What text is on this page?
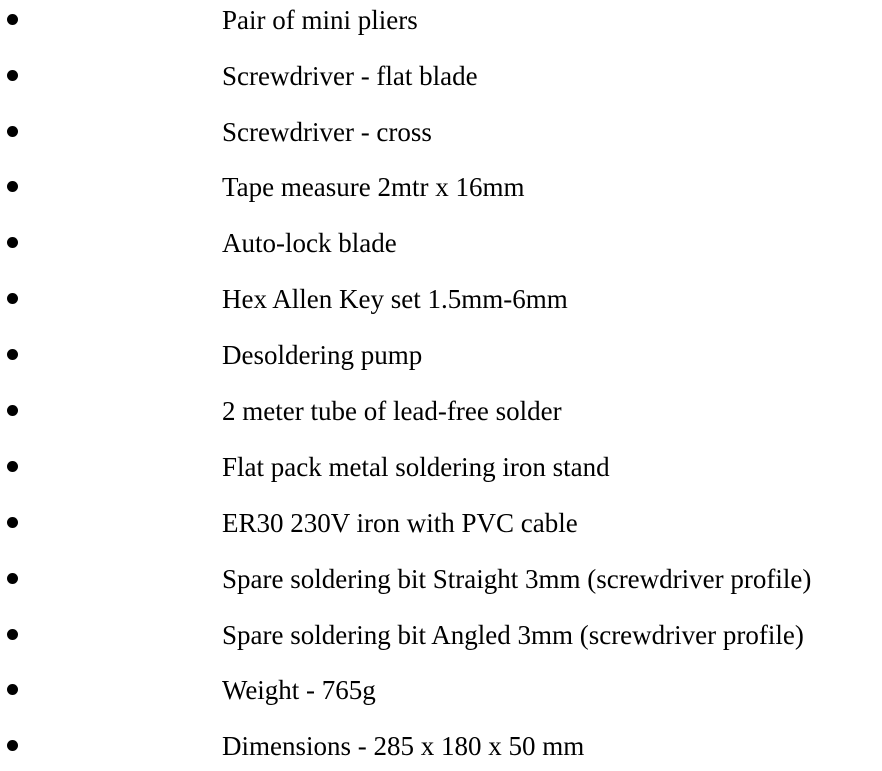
Pair of mini pliers
Screwdriver - flat blade
Screwdriver - cross
Tape measure 2mtr x 16mm
Auto-lock blade
Hex Allen Key set 1.5mm-6mm
Desoldering pump
2 meter tube of lead-free solder
Flat pack metal soldering iron stand
ER30 230V iron with PVC cable
Spare soldering bit Straight 3mm (screwdriver profile)
Spare soldering bit Angled 3mm (screwdriver profile)
Weight - 765g
Dimensions - 285 x 180 x 50 mm
